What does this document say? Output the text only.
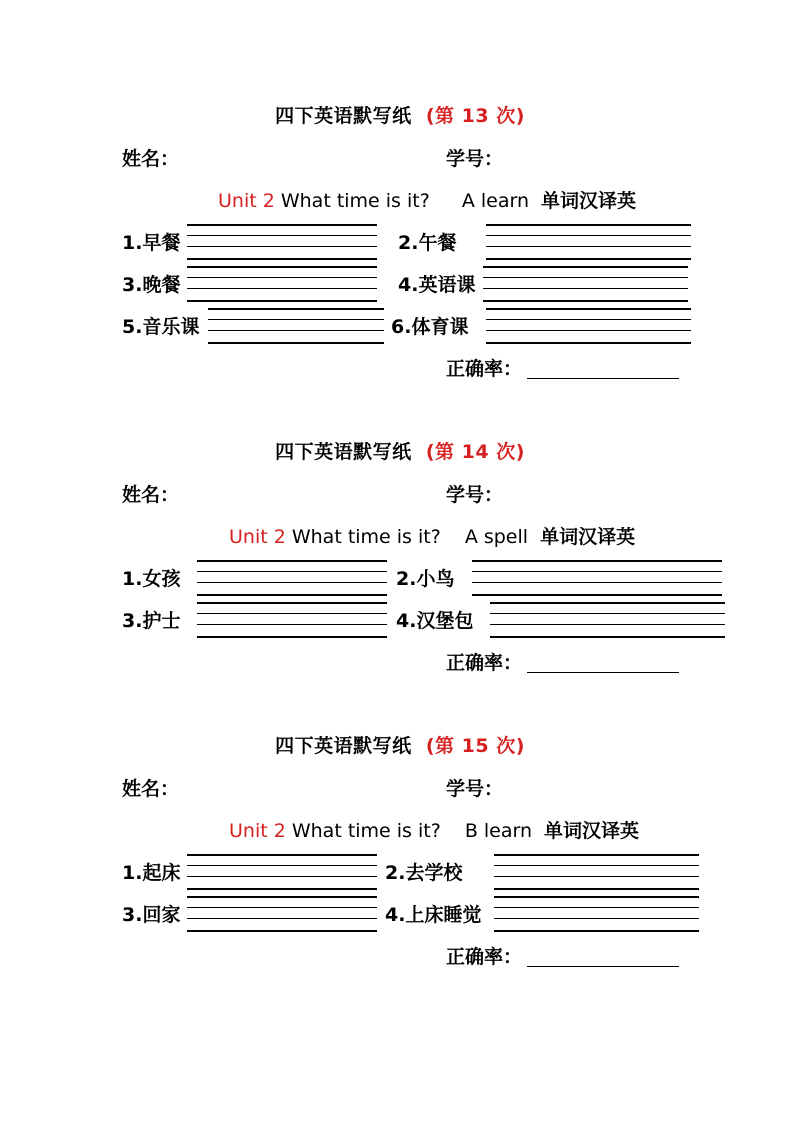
四下英语默写纸 (第 13 次)
姓名：	学号：
Unit 2 What time is it? A learn 单词汉译英
1.早餐	2.午餐
3.晚餐	4.英语课
5.音乐课	6.体育课
正确率：
四下英语默写纸 (第 14 次)
姓名：	学号：
Unit 2 What time is it? A spell 单词汉译英
1.女孩	2.小鸟
3.护士	4.汉堡包
正确率：
四下英语默写纸 (第 15 次)
姓名：	学号：
Unit 2 What time is it? B learn 单词汉译英
1.起床	2.去学校
3.回家	4.上床睡觉
正确率：
